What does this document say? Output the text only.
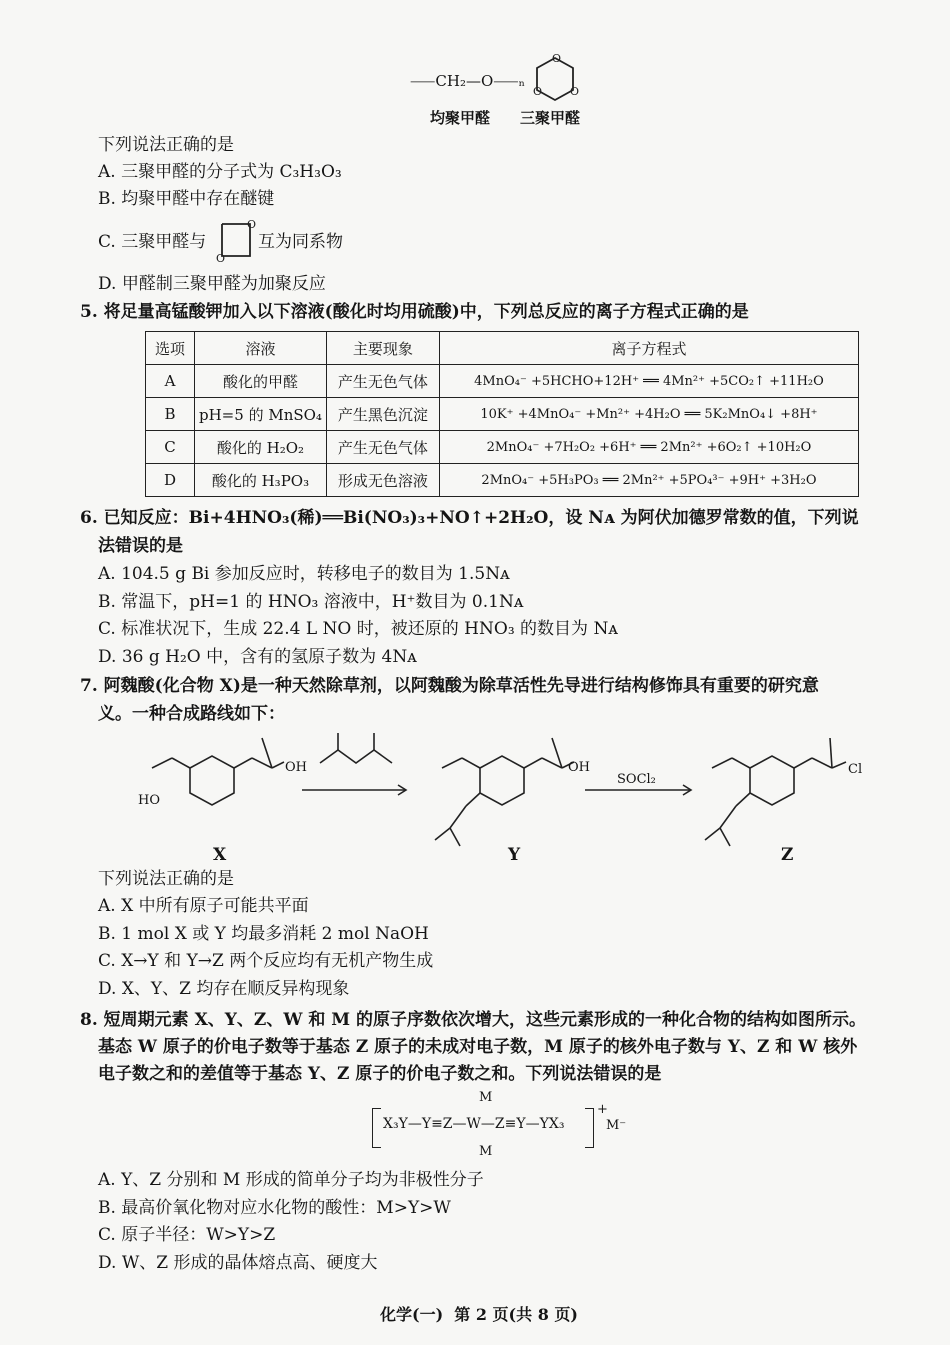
⸺CH₂—O⸺ₙ
O
O	O
均聚甲醛 三聚甲醛
下列说法正确的是
A. 三聚甲醛的分子式为 C₃H₃O₃
B. 均聚甲醛中存在醚键
C. 三聚甲醛与
O
O
互为同系物
D. 甲醛制三聚甲醛为加聚反应
5. 将足量高锰酸钾加入以下溶液(酸化时均用硫酸)中，下列总反应的离子方程式正确的是
选项	溶液	主要现象	离子方程式
A	酸化的甲醛	产生无色气体	4MnO₄⁻ +5HCHO+12H⁺ ══ 4Mn²⁺ +5CO₂↑ +11H₂O
B	pH=5 的 MnSO₄	产生黑色沉淀	10K⁺ +4MnO₄⁻ +Mn²⁺ +4H₂O ══ 5K₂MnO₄↓ +8H⁺
C	酸化的 H₂O₂	产生无色气体	2MnO₄⁻ +7H₂O₂ +6H⁺ ══ 2Mn²⁺ +6O₂↑ +10H₂O
D	酸化的 H₃PO₃	形成无色溶液	2MnO₄⁻ +5H₃PO₃ ══ 2Mn²⁺ +5PO₄³⁻ +9H⁺ +3H₂O
6. 已知反应：Bi+4HNO₃(稀)══Bi(NO₃)₃+NO↑+2H₂O，设 Nᴀ 为阿伏加德罗常数的值，下列说
法错误的是
A. 104.5 g Bi 参加反应时，转移电子的数目为 1.5Nᴀ
B. 常温下，pH=1 的 HNO₃ 溶液中，H⁺数目为 0.1Nᴀ
C. 标准状况下，生成 22.4 L NO 时，被还原的 HNO₃ 的数目为 Nᴀ
D. 36 g H₂O 中，含有的氢原子数为 4Nᴀ
7. 阿魏酸(化合物 X)是一种天然除草剂，以阿魏酸为除草活性先导进行结构修饰具有重要的研究意
义。一种合成路线如下：
OH
HO
OH
SOCl₂
Cl
X	Y	Z
下列说法正确的是
A. X 中所有原子可能共平面
B. 1 mol X 或 Y 均最多消耗 2 mol NaOH
C. X→Y 和 Y→Z 两个反应均有无机产物生成
D. X、Y、Z 均存在顺反异构现象
8. 短周期元素 X、Y、Z、W 和 M 的原子序数依次增大，这些元素形成的一种化合物的结构如图所示。
基态 W 原子的价电子数等于基态 Z 原子的未成对电子数，M 原子的核外电子数与 Y、Z 和 W 核外
电子数之和的差值等于基态 Y、Z 原子的价电子数之和。下列说法错误的是
M
X₃Y—Y≡Z—W—Z≡Y—YX₃
M
+
M⁻
A. Y、Z 分别和 M 形成的简单分子均为非极性分子
B. 最高价氧化物对应水化物的酸性：M>Y>W
C. 原子半径：W>Y>Z
D. W、Z 形成的晶体熔点高、硬度大
化学(一)  第 2 页(共 8 页)
